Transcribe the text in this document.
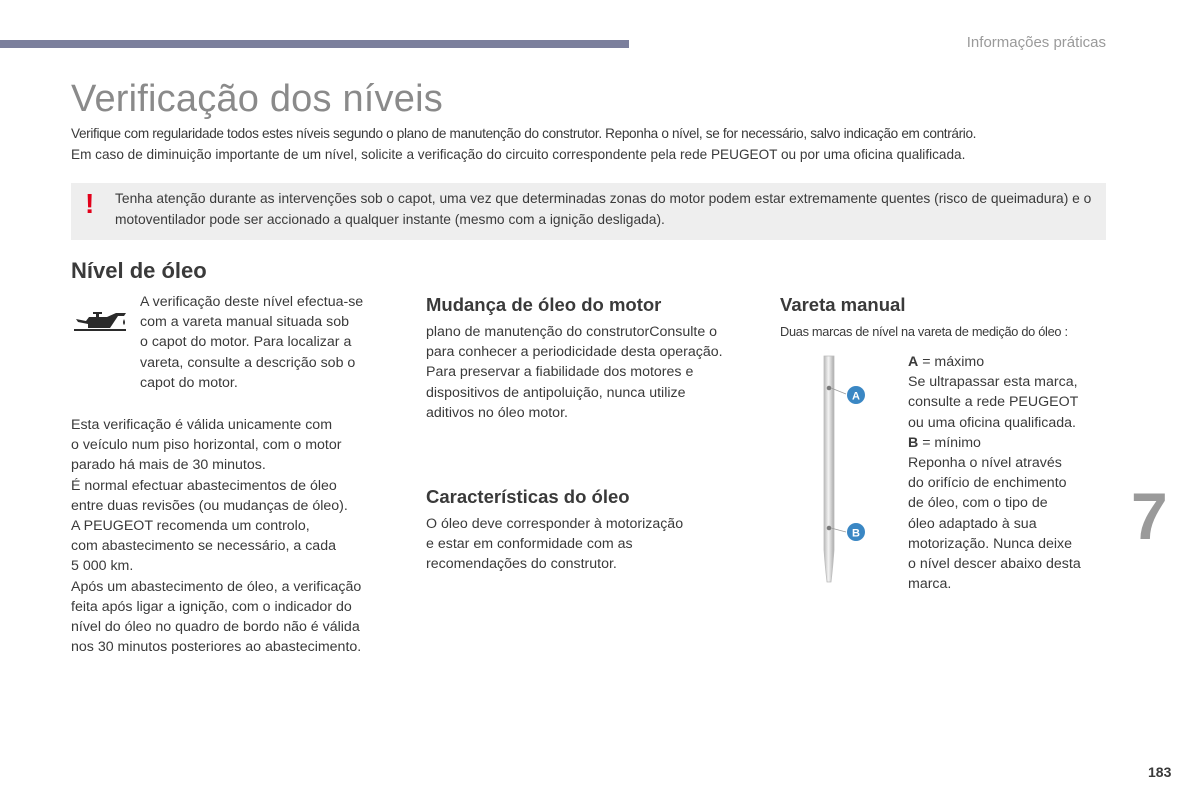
Informações práticas
Verificação dos níveis

Verifique com regularidade todos estes níveis segundo o plano de manutenção do construtor. Reponha o nível, se for necessário, salvo indicação em contrário.

Em caso de diminuição importante de um nível, solicite a verificação do circuito correspondente pela rede PEUGEOT ou por uma oficina qualificada.

! Tenha atenção durante as intervenções sob o capot, uma vez que determinadas zonas do motor podem estar extremamente quentes (risco de queimadura) e o motoventilador pode ser accionado a qualquer instante (mesmo com a ignição desligada).
Nível de óleo

A verificação deste nível efectua-se

com a vareta manual situada sob

o capot do motor. Para localizar a

vareta, consulte a descrição sob o

capot do motor.

Esta verificação é válida unicamente com

o veículo num piso horizontal, com o motor

parado há mais de 30 minutos.

É normal efectuar abastecimentos de óleo

entre duas revisões (ou mudanças de óleo).

A PEUGEOT recomenda um controlo,

com abastecimento se necessário, a cada

5 000 km.

Após um abastecimento de óleo, a verificação

feita após ligar a ignição, com o indicador do

nível do óleo no quadro de bordo não é válida

nos 30 minutos posteriores ao abastecimento.

Mudança de óleo do motor

plano de manutenção do construtorConsulte o

para conhecer a periodicidade desta operação.

Para preservar a fiabilidade dos motores e

dispositivos de antipoluição, nunca utilize

aditivos no óleo motor.

Características do óleo

O óleo deve corresponder à motorização

e estar em conformidade com as

recomendações do construtor.

Vareta manual
Duas marcas de nível na vareta de medição do óleo :
A
B

A = máximo

Se ultrapassar esta marca,

consulte a rede PEUGEOT

ou uma oficina qualificada.

B = mínimo

Reponha o nível através

do orifício de enchimento

de óleo, com o tipo de

óleo adaptado à sua

motorização. Nunca deixe

o nível descer abaixo desta

marca.

7
183
